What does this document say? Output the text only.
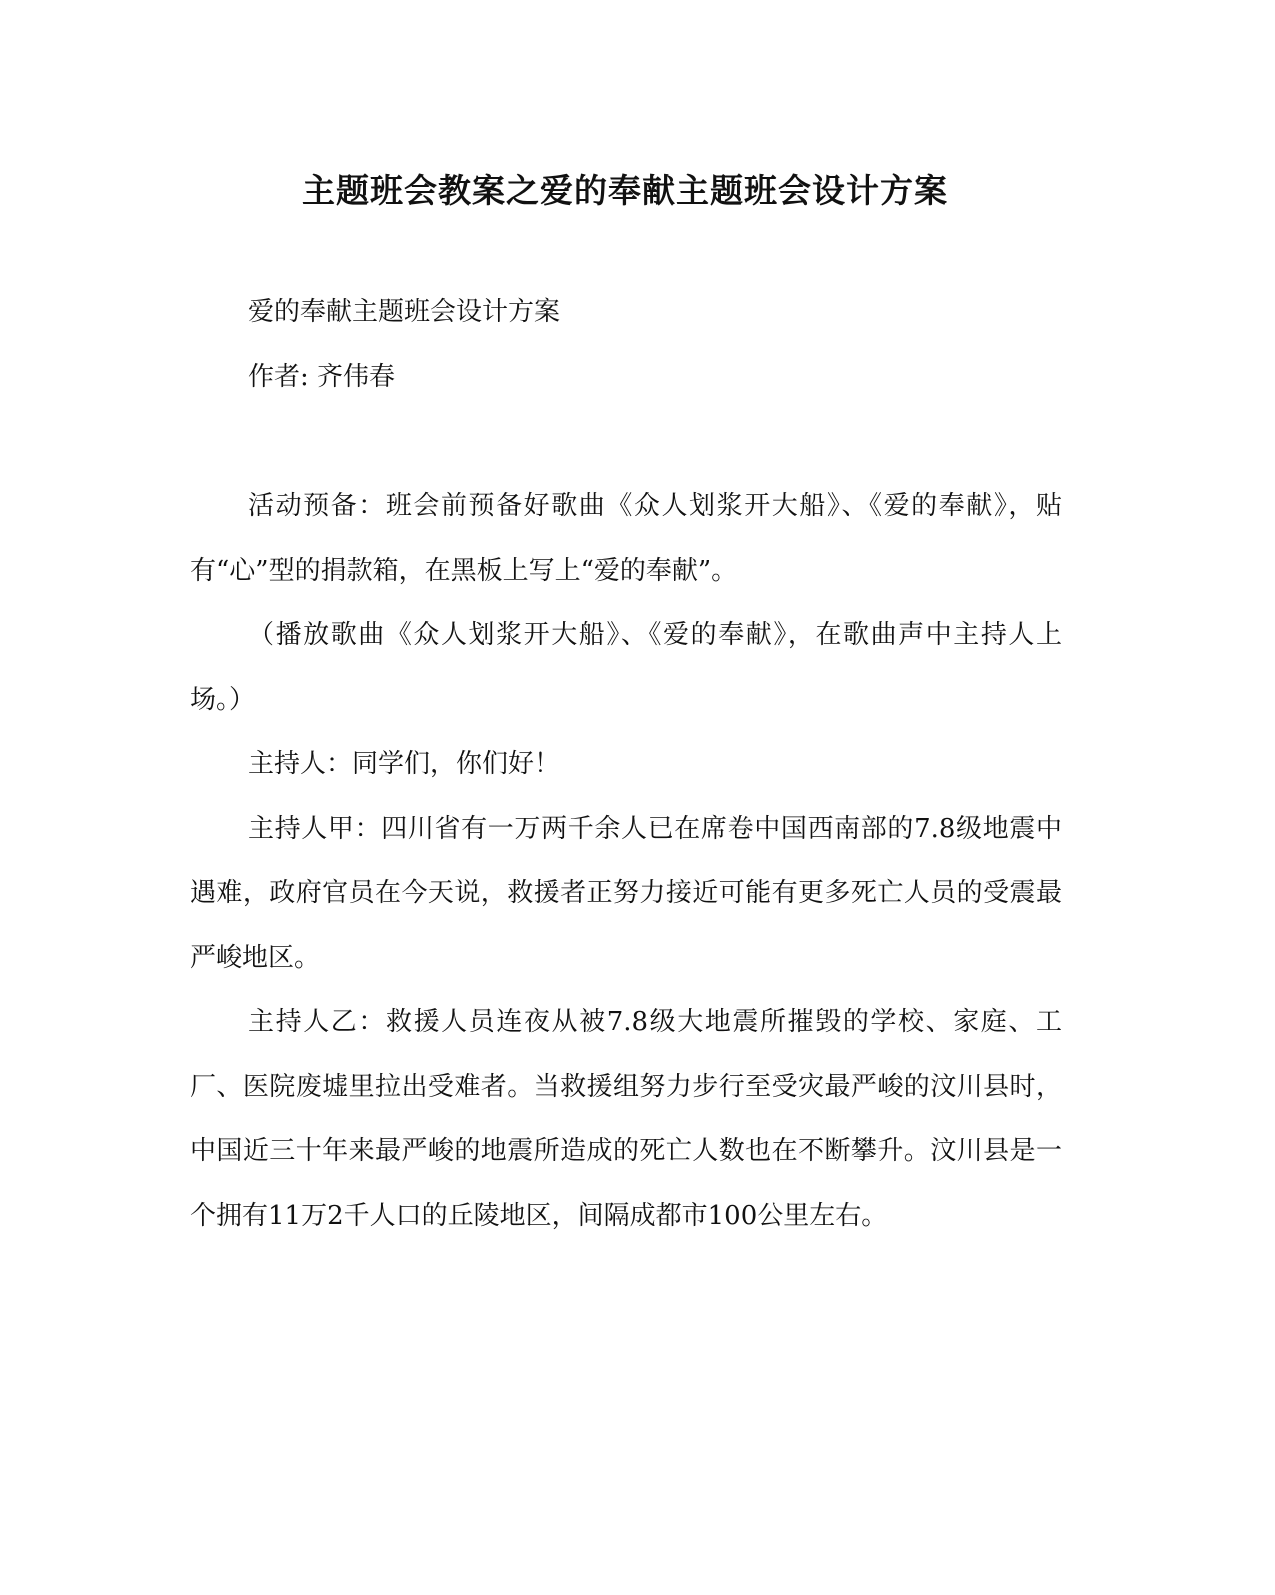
主题班会教案之爱的奉献主题班会设计方案

爱的奉献主题班会设计方案

作者: 齐伟春

活动预备：班会前预备好歌曲《众人划浆开大船》、《爱的奉献》，贴有“心”型的捐款箱，在黑板上写上“爱的奉献”。

（播放歌曲《众人划浆开大船》、《爱的奉献》，在歌曲声中主持人上场。）

主持人：同学们，你们好！

主持人甲：四川省有一万两千余人已在席卷中国西南部的7.8级地震中遇难，政府官员在今天说，救援者正努力接近可能有更多死亡人员的受震最严峻地区。

主持人乙：救援人员连夜从被7.8级大地震所摧毁的学校、家庭、工厂、医院废墟里拉出受难者。当救援组努力步行至受灾最严峻的汶川县时，中国近三十年来最严峻的地震所造成的死亡人数也在不断攀升。汶川县是一个拥有11万2千人口的丘陵地区，间隔成都市100公里左右。
